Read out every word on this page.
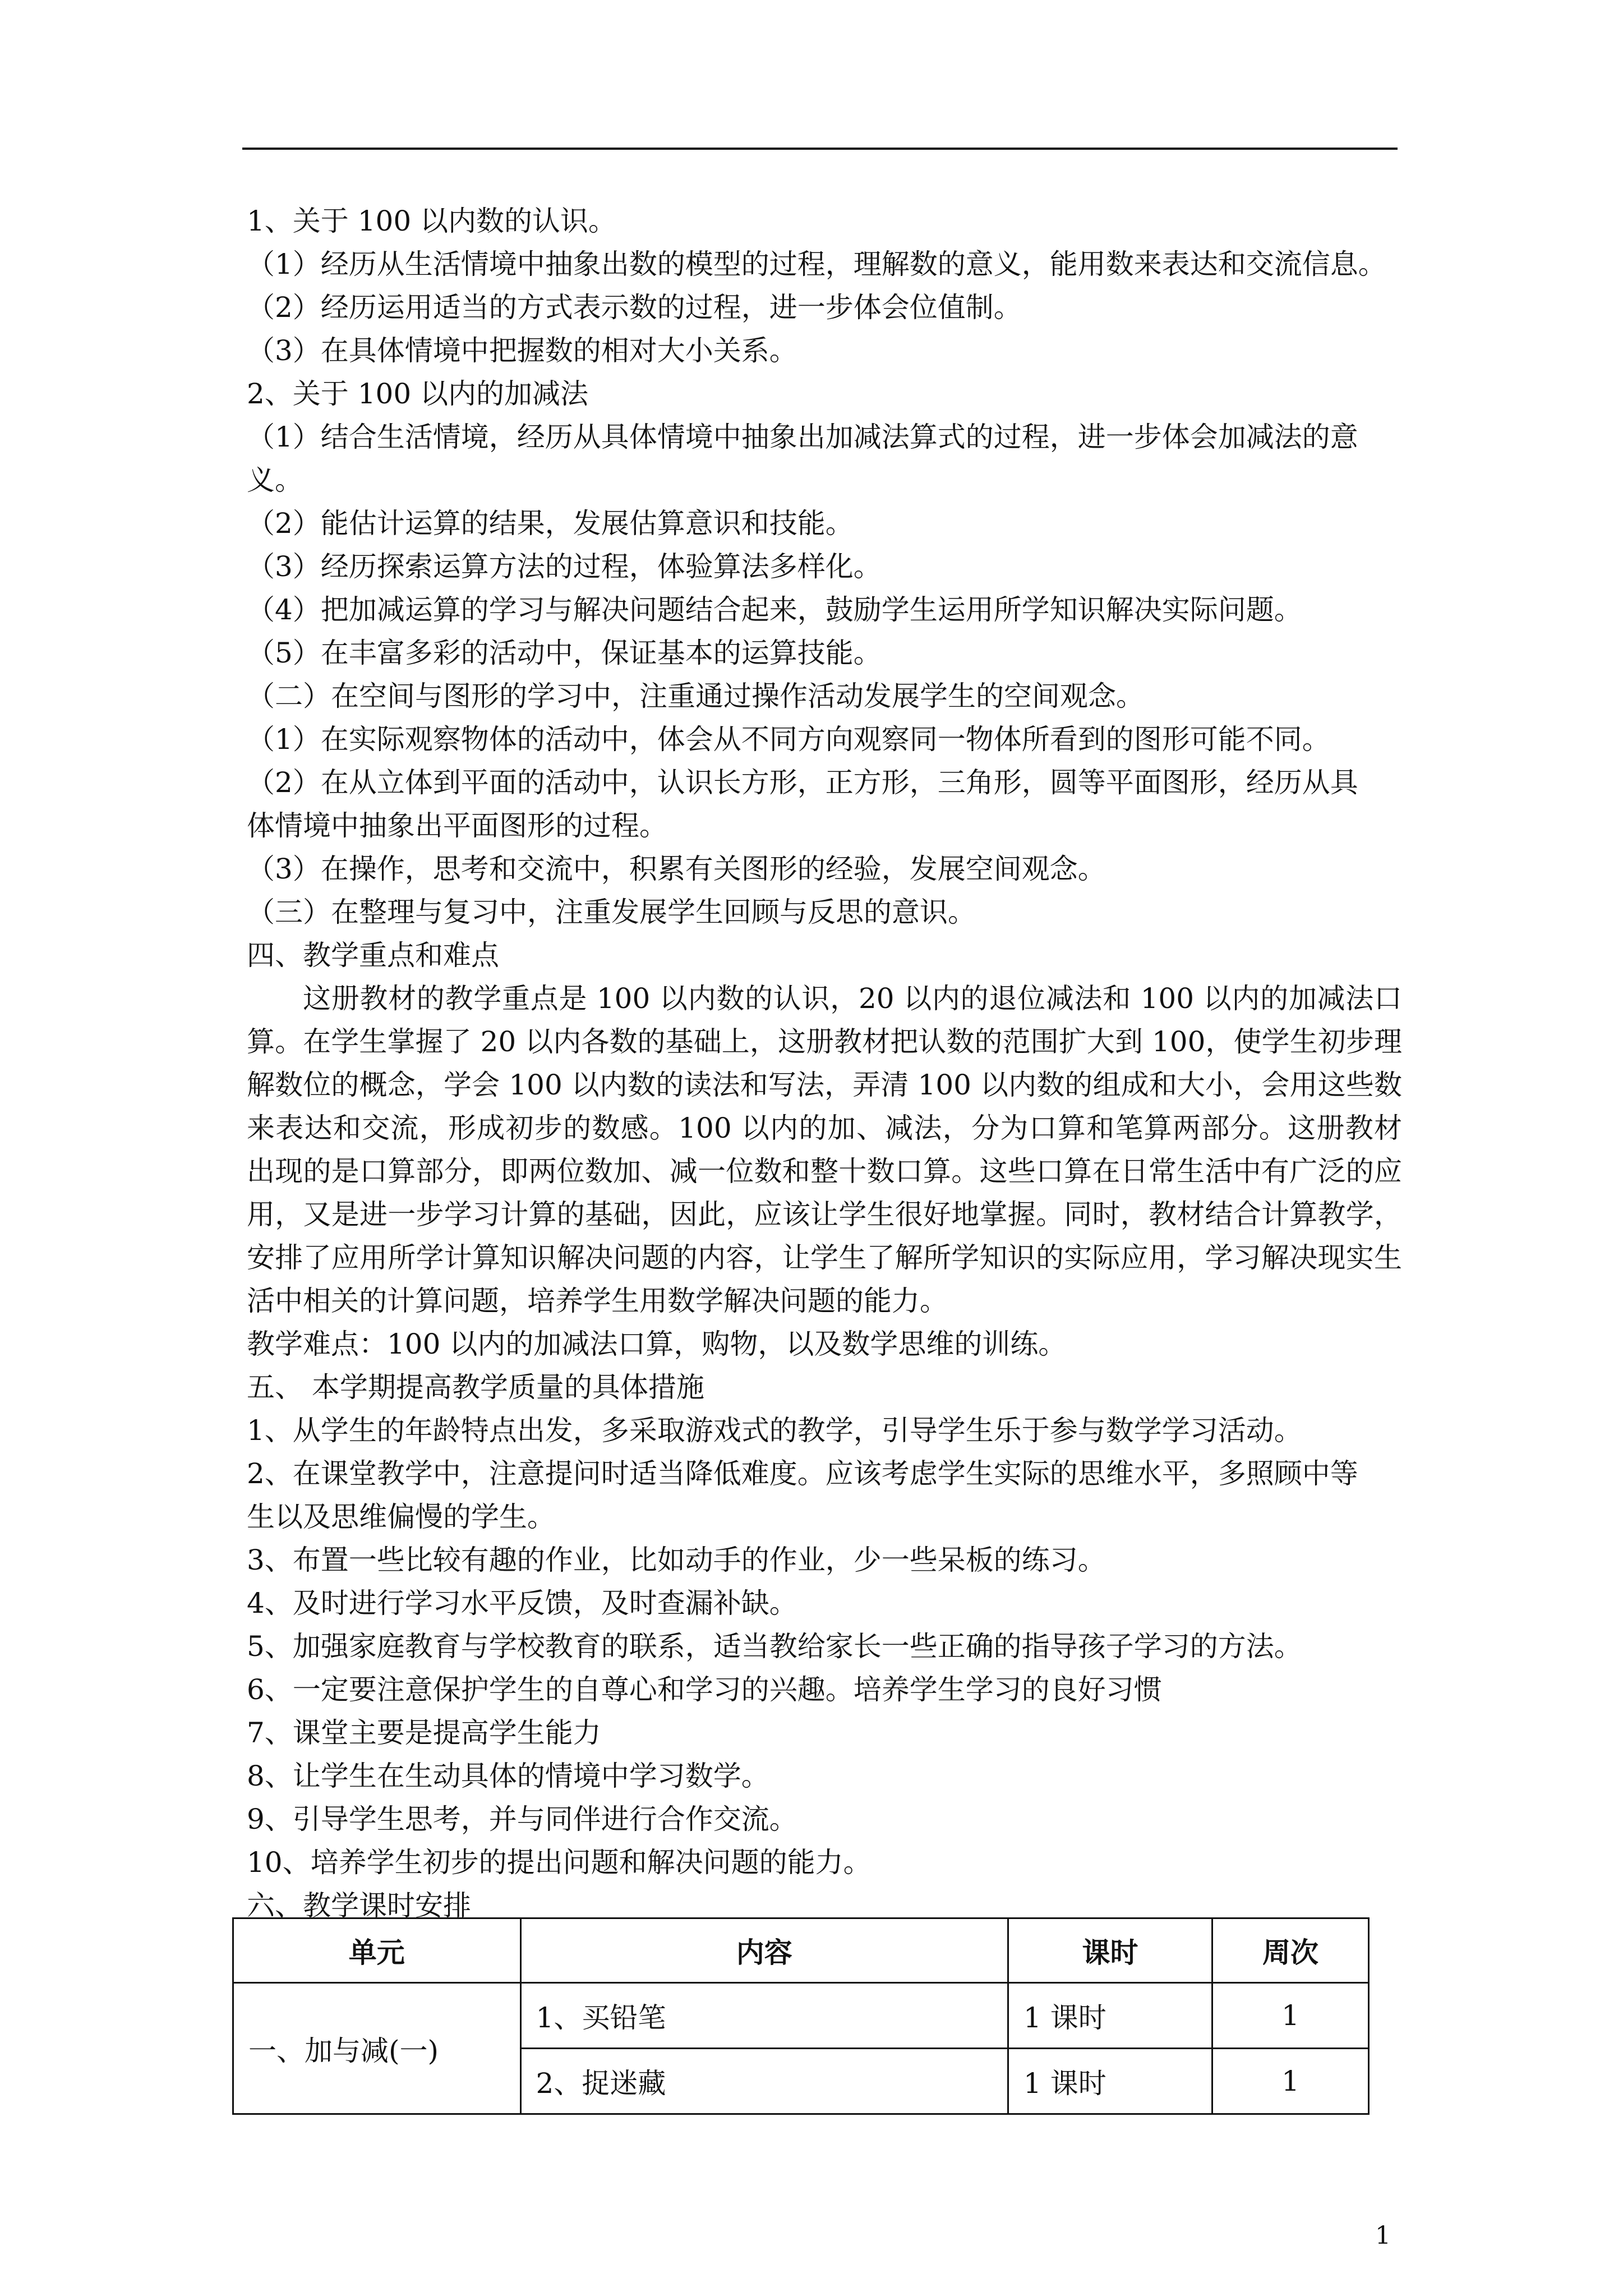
1、关于 100 以内数的认识。
（1）经历从生活情境中抽象出数的模型的过程，理解数的意义，能用数来表达和交流信息。
（2）经历运用适当的方式表示数的过程，进一步体会位值制。
（3）在具体情境中把握数的相对大小关系。
2、关于 100 以内的加减法
（1）结合生活情境，经历从具体情境中抽象出加减法算式的过程，进一步体会加减法的意
义。
（2）能估计运算的结果，发展估算意识和技能。
（3）经历探索运算方法的过程，体验算法多样化。
（4）把加减运算的学习与解决问题结合起来，鼓励学生运用所学知识解决实际问题。
（5）在丰富多彩的活动中，保证基本的运算技能。
（二）在空间与图形的学习中，注重通过操作活动发展学生的空间观念。
（1）在实际观察物体的活动中，体会从不同方向观察同一物体所看到的图形可能不同。
（2）在从立体到平面的活动中，认识长方形，正方形，三角形，圆等平面图形，经历从具
体情境中抽象出平面图形的过程。
（3）在操作，思考和交流中，积累有关图形的经验，发展空间观念。
（三）在整理与复习中，注重发展学生回顾与反思的意识。
四、教学重点和难点
这册教材的教学重点是 100 以内数的认识，20 以内的退位减法和 100 以内的加减法口算。在学生掌握了 20 以内各数的基础上，这册教材把认数的范围扩大到 100，使学生初步理解数位的概念，学会 100 以内数的读法和写法，弄清 100 以内数的组成和大小，会用这些数来表达和交流，形成初步的数感。100 以内的加、减法，分为口算和笔算两部分。这册教材出现的是口算部分，即两位数加、减一位数和整十数口算。这些口算在日常生活中有广泛的应用，又是进一步学习计算的基础，因此，应该让学生很好地掌握。同时，教材结合计算教学，安排了应用所学计算知识解决问题的内容，让学生了解所学知识的实际应用，学习解决现实生活中相关的计算问题，培养学生用数学解决问题的能力。
教学难点：100 以内的加减法口算，购物，以及数学思维的训练。
五、 本学期提高教学质量的具体措施
1、从学生的年龄特点出发，多采取游戏式的教学，引导学生乐于参与数学学习活动。
2、在课堂教学中，注意提问时适当降低难度。应该考虑学生实际的思维水平，多照顾中等
生以及思维偏慢的学生。
3、布置一些比较有趣的作业，比如动手的作业，少一些呆板的练习。
4、及时进行学习水平反馈，及时查漏补缺。
5、加强家庭教育与学校教育的联系，适当教给家长一些正确的指导孩子学习的方法。
6、一定要注意保护学生的自尊心和学习的兴趣。培养学生学习的良好习惯
7、课堂主要是提高学生能力
8、让学生在生动具体的情境中学习数学。
9、引导学生思考，并与同伴进行合作交流。
10、培养学生初步的提出问题和解决问题的能力。
六、教学课时安排
单元	内容	课时	周次
一、加与减(一)	1、买铅笔	1 课时	1
	2、捉迷藏	1 课时	1
1
